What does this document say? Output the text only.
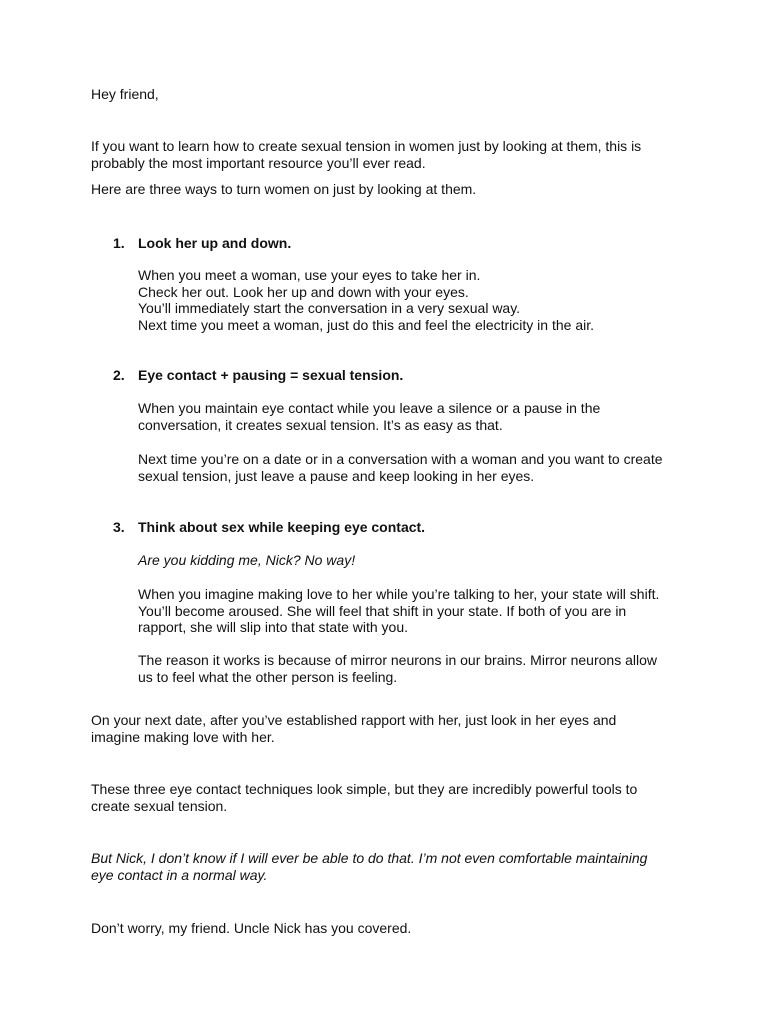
Hey friend,

If you want to learn how to create sexual tension in women just by looking at them, this is
probably the most important resource you’ll ever read.

Here are three ways to turn women on just by looking at them.

1. Look her up and down.

When you meet a woman, use your eyes to take her in.
Check her out. Look her up and down with your eyes.
You’ll immediately start the conversation in a very sexual way.
Next time you meet a woman, just do this and feel the electricity in the air.

2. Eye contact + pausing = sexual tension.

When you maintain eye contact while you leave a silence or a pause in the
conversation, it creates sexual tension. It’s as easy as that.

Next time you’re on a date or in a conversation with a woman and you want to create
sexual tension, just leave a pause and keep looking in her eyes.

3. Think about sex while keeping eye contact.

Are you kidding me, Nick? No way!

When you imagine making love to her while you’re talking to her, your state will shift.
You’ll become aroused. She will feel that shift in your state. If both of you are in
rapport, she will slip into that state with you.

The reason it works is because of mirror neurons in our brains. Mirror neurons allow
us to feel what the other person is feeling.

On your next date, after you’ve established rapport with her, just look in her eyes and
imagine making love with her.

These three eye contact techniques look simple, but they are incredibly powerful tools to
create sexual tension.

But Nick, I don’t know if I will ever be able to do that. I’m not even comfortable maintaining
eye contact in a normal way.

Don’t worry, my friend. Uncle Nick has you covered.
